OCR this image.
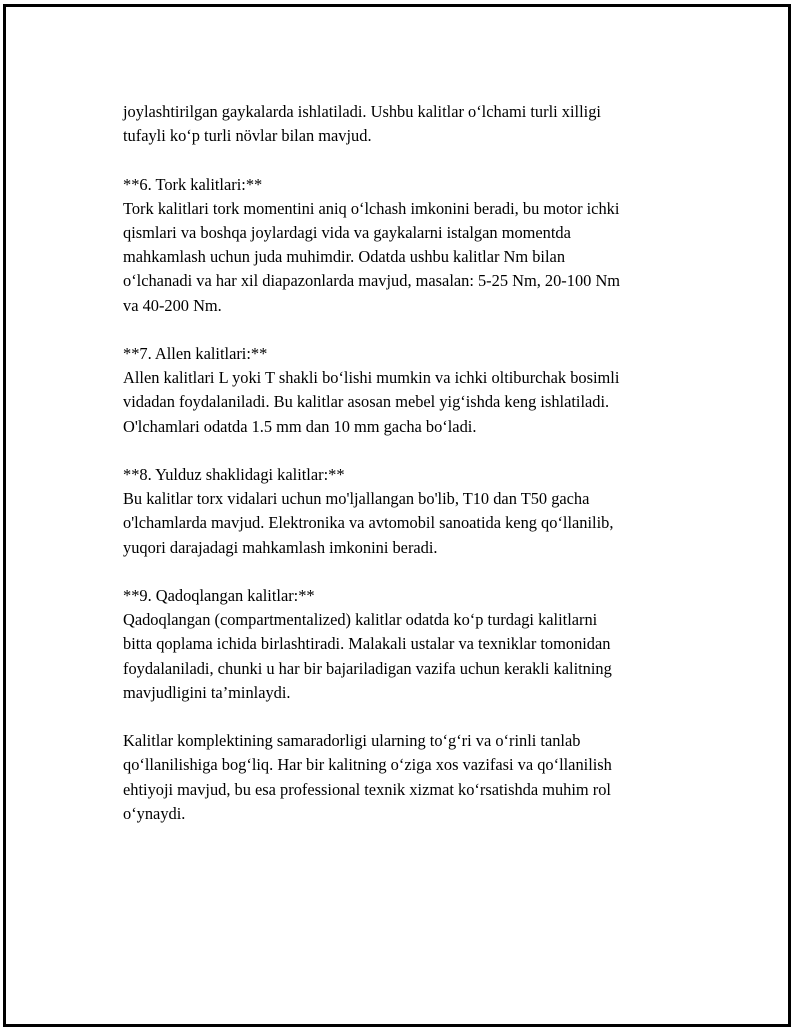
joylashtirilgan gaykalarda ishlatiladi. Ushbu kalitlar oʻlchami turli xilligi
tufayli koʻp turli növlar bilan mavjud.

**6. Tork kalitlari:**
Tork kalitlari tork momentini aniq oʻlchash imkonini beradi, bu motor ichki
qismlari va boshqa joylardagi vida va gaykalarni istalgan momentda
mahkamlash uchun juda muhimdir. Odatda ushbu kalitlar Nm bilan
oʻlchanadi va har xil diapazonlarda mavjud, masalan: 5-25 Nm, 20-100 Nm
va 40-200 Nm.

**7. Allen kalitlari:**
Allen kalitlari L yoki T shakli boʻlishi mumkin va ichki oltiburchak bosimli
vidadan foydalaniladi. Bu kalitlar asosan mebel yigʻishda keng ishlatiladi.
O'lchamlari odatda 1.5 mm dan 10 mm gacha boʻladi.

**8. Yulduz shaklidagi kalitlar:**
Bu kalitlar torx vidalari uchun mo'ljallangan bo'lib, T10 dan T50 gacha
o'lchamlarda mavjud. Elektronika va avtomobil sanoatida keng qoʻllanilib,
yuqori darajadagi mahkamlash imkonini beradi.

**9. Qadoqlangan kalitlar:**
Qadoqlangan (compartmentalized) kalitlar odatda koʻp turdagi kalitlarni
bitta qoplama ichida birlashtiradi. Malakali ustalar va texniklar tomonidan
foydalaniladi, chunki u har bir bajariladigan vazifa uchun kerakli kalitning
mavjudligini ta’minlaydi.

Kalitlar komplektining samaradorligi ularning toʻgʻri va oʻrinli tanlab
qoʻllanilishiga bogʻliq. Har bir kalitning oʻziga xos vazifasi va qoʻllanilish
ehtiyoji mavjud, bu esa professional texnik xizmat koʻrsatishda muhim rol
oʻynaydi.
